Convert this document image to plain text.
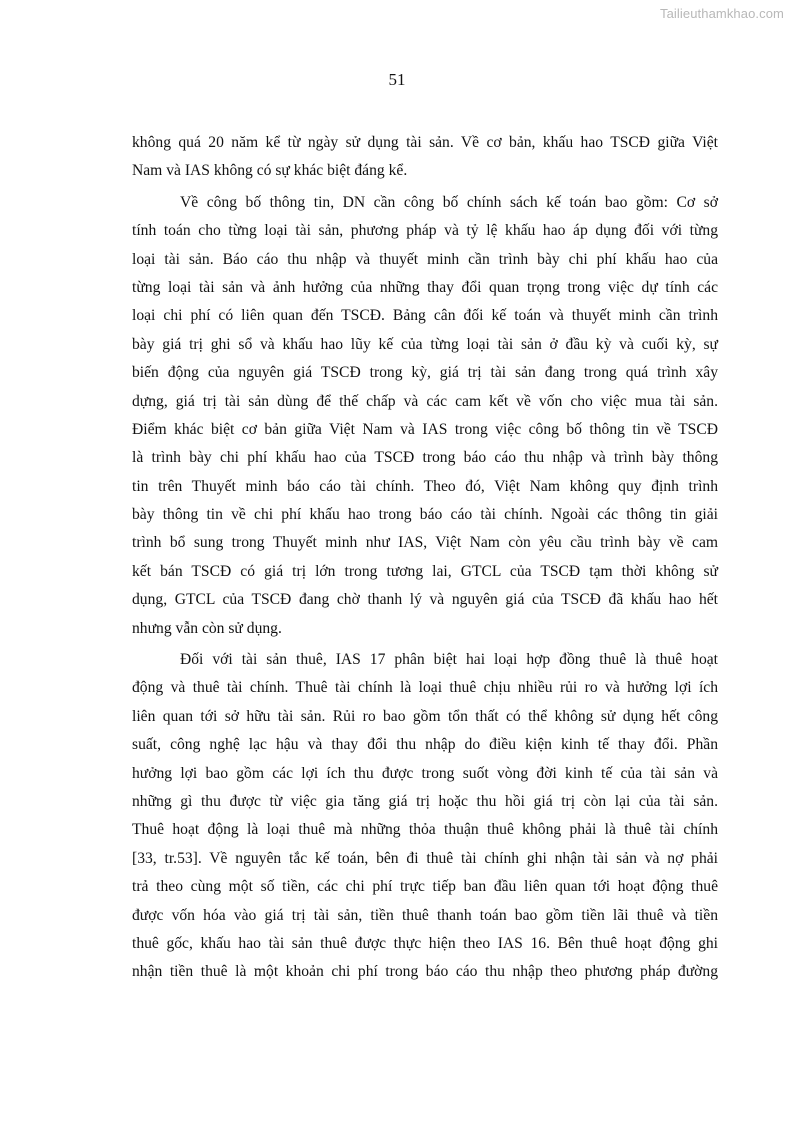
Tailieuthamkhao.com
51
không quá 20 năm kể từ ngày sử dụng tài sản. Về cơ bản, khấu hao TSCĐ giữa Việt
Nam và IAS không có sự khác biệt đáng kể.
Về công bố thông tin, DN cần công bố chính sách kế toán bao gồm: Cơ sở
tính toán cho từng loại tài sản, phương pháp và tỷ lệ khấu hao áp dụng đối với từng
loại tài sản. Báo cáo thu nhập và thuyết minh cần trình bày chi phí khấu hao của
từng loại tài sản và ảnh hưởng của những thay đổi quan trọng trong việc dự tính các
loại chi phí có liên quan đến TSCĐ. Bảng cân đối kế toán và thuyết minh cần trình
bày giá trị ghi sổ và khấu hao lũy kế của từng loại tài sản ở đầu kỳ và cuối kỳ, sự
biến động của nguyên giá TSCĐ trong kỳ, giá trị tài sản đang trong quá trình xây
dựng, giá trị tài sản dùng để thế chấp và các cam kết về vốn cho việc mua tài sản.
Điểm khác biệt cơ bản giữa Việt Nam và IAS trong việc công bố thông tin về TSCĐ
là trình bày chi phí khấu hao của TSCĐ trong báo cáo thu nhập và trình bày thông
tin trên Thuyết minh báo cáo tài chính. Theo đó, Việt Nam không quy định trình
bày thông tin về chi phí khấu hao trong báo cáo tài chính. Ngoài các thông tin giải
trình bổ sung trong Thuyết minh như IAS, Việt Nam còn yêu cầu trình bày về cam
kết bán TSCĐ có giá trị lớn trong tương lai, GTCL của TSCĐ tạm thời không sử
dụng, GTCL của TSCĐ đang chờ thanh lý và nguyên giá của TSCĐ đã khấu hao hết
nhưng vẫn còn sử dụng.
Đối với tài sản thuê, IAS 17 phân biệt hai loại hợp đồng thuê là thuê hoạt
động và thuê tài chính. Thuê tài chính là loại thuê chịu nhiều rủi ro và hưởng lợi ích
liên quan tới sở hữu tài sản. Rủi ro bao gồm tổn thất có thể không sử dụng hết công
suất, công nghệ lạc hậu và thay đổi thu nhập do điều kiện kinh tế thay đổi. Phần
hưởng lợi bao gồm các lợi ích thu được trong suốt vòng đời kinh tế của tài sản và
những gì thu được từ việc gia tăng giá trị hoặc thu hồi giá trị còn lại của tài sản.
Thuê hoạt động là loại thuê mà những thỏa thuận thuê không phải là thuê tài chính
[33, tr.53]. Về nguyên tắc kế toán, bên đi thuê tài chính ghi nhận tài sản và nợ phải
trả theo cùng một số tiền, các chi phí trực tiếp ban đầu liên quan tới hoạt động thuê
được vốn hóa vào giá trị tài sản, tiền thuê thanh toán bao gồm tiền lãi thuê và tiền
thuê gốc, khấu hao tài sản thuê được thực hiện theo IAS 16. Bên thuê hoạt động ghi
nhận tiền thuê là một khoản chi phí trong báo cáo thu nhập theo phương pháp đường
